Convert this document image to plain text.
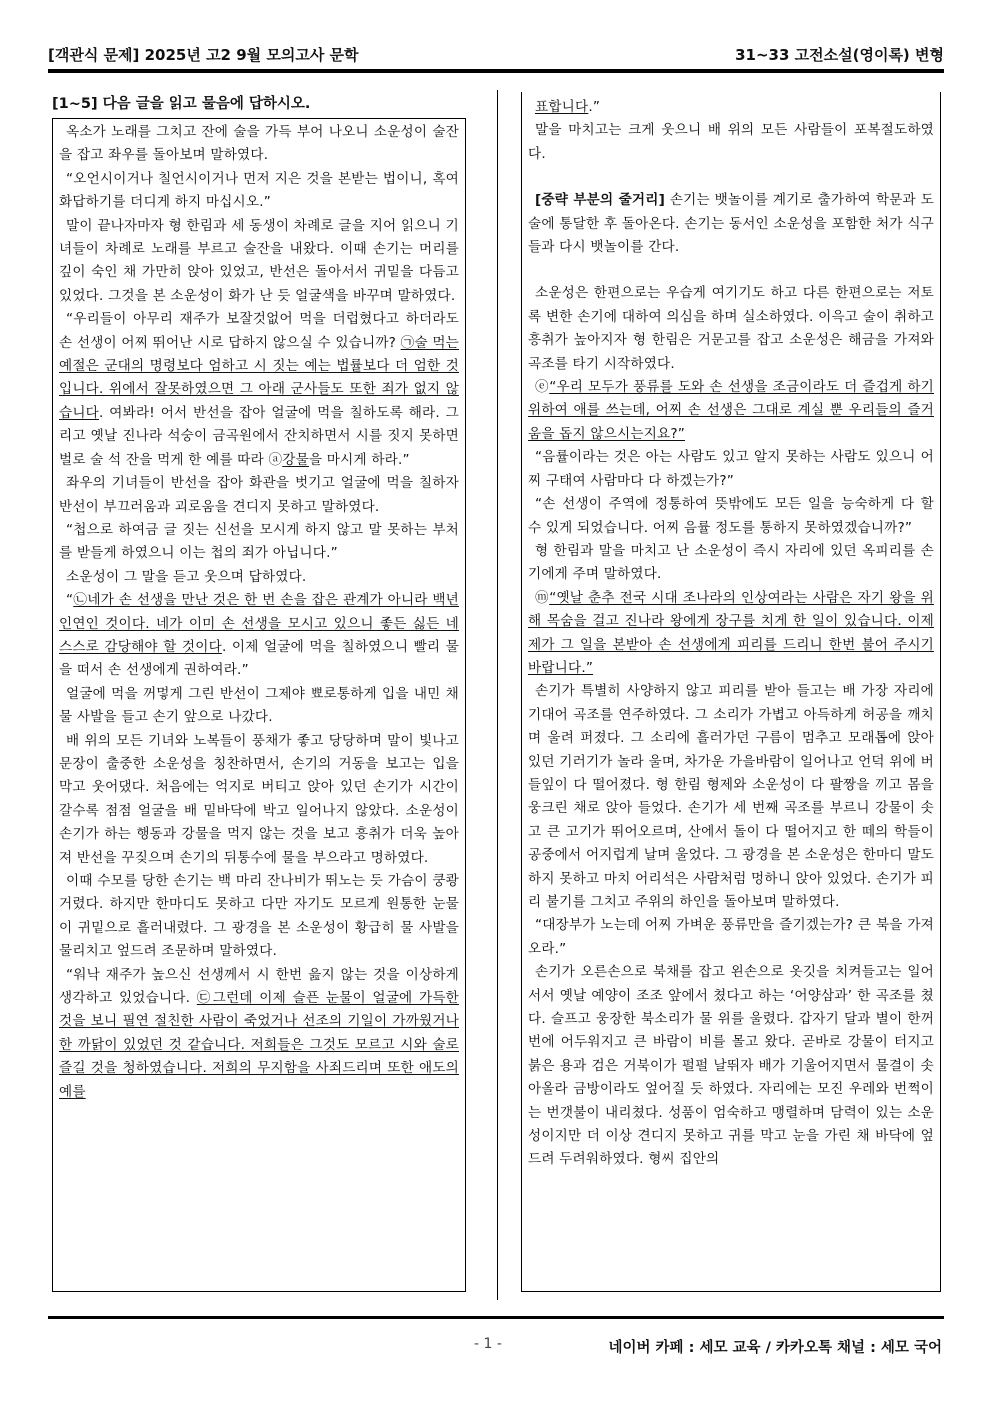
[객관식 문제] 2025년 고2 9월 모의고사 문학	31~33 고전소설(영이록) 변형
[1~5] 다음 글을 읽고 물음에 답하시오.

옥소가 노래를 그치고 잔에 술을 가득 부어 나오니 소운성이 술잔을 잡고 좌우를 돌아보며 말하였다.

“오언시이거나 칠언시이거나 먼저 지은 것을 본받는 법이니, 혹여 화답하기를 더디게 하지 마십시오.”

말이 끝나자마자 형 한림과 세 동생이 차례로 글을 지어 읽으니 기녀들이 차례로 노래를 부르고 술잔을 내왔다. 이때 손기는 머리를 깊이 숙인 채 가만히 앉아 있었고, 반선은 돌아서서 귀밑을 다듬고 있었다. 그것을 본 소운성이 화가 난 듯 얼굴색을 바꾸며 말하였다.

“우리들이 아무리 재주가 보잘것없어 먹을 더럽혔다고 하더라도 손 선생이 어찌 뛰어난 시로 답하지 않으실 수 있습니까? ㉠술 먹는 예절은 군대의 명령보다 엄하고 시 짓는 예는 법률보다 더 엄한 것입니다. 위에서 잘못하였으면 그 아래 군사들도 또한 죄가 없지 않습니다. 여봐라! 어서 반선을 잡아 얼굴에 먹을 칠하도록 해라. 그리고 옛날 진나라 석숭이 금곡원에서 잔치하면서 시를 짓지 못하면 벌로 술 석 잔을 먹게 한 예를 따라 ⓐ강물을 마시게 하라.”

좌우의 기녀들이 반선을 잡아 화관을 벗기고 얼굴에 먹을 칠하자 반선이 부끄러움과 괴로움을 견디지 못하고 말하였다.

“첩으로 하여금 글 짓는 신선을 모시게 하지 않고 말 못하는 부처를 받들게 하였으니 이는 첩의 죄가 아닙니다.”

소운성이 그 말을 듣고 웃으며 답하였다.

“㉡네가 손 선생을 만난 것은 한 번 손을 잡은 관계가 아니라 백년 인연인 것이다. 네가 이미 손 선생을 모시고 있으니 좋든 싫든 네 스스로 감당해야 할 것이다. 이제 얼굴에 먹을 칠하였으니 빨리 물을 떠서 손 선생에게 권하여라.”

얼굴에 먹을 꺼멓게 그린 반선이 그제야 뾰로통하게 입을 내민 채 물 사발을 들고 손기 앞으로 나갔다.

배 위의 모든 기녀와 노복들이 풍채가 좋고 당당하며 말이 빛나고 문장이 출중한 소운성을 칭찬하면서, 손기의 거동을 보고는 입을 막고 웃어댔다. 처음에는 억지로 버티고 앉아 있던 손기가 시간이 갈수록 점점 얼굴을 배 밑바닥에 박고 일어나지 않았다. 소운성이 손기가 하는 행동과 강물을 먹지 않는 것을 보고 흥취가 더욱 높아져 반선을 꾸짖으며 손기의 뒤통수에 물을 부으라고 명하였다.

이때 수모를 당한 손기는 백 마리 잔나비가 뛰노는 듯 가슴이 쿵쾅거렸다. 하지만 한마디도 못하고 다만 자기도 모르게 원통한 눈물이 귀밑으로 흘러내렸다. 그 광경을 본 소운성이 황급히 물 사발을 물리치고 엎드려 조문하며 말하였다.

“워낙 재주가 높으신 선생께서 시 한번 읊지 않는 것을 이상하게 생각하고 있었습니다. ㉢그런데 이제 슬픈 눈물이 얼굴에 가득한 것을 보니 필연 절친한 사람이 죽었거나 선조의 기일이 가까웠거나 한 까닭이 있었던 것 같습니다. 저희들은 그것도 모르고 시와 술로 즐길 것을 청하였습니다. 저희의 무지함을 사죄드리며 또한 애도의 예를

표합니다.”

말을 마치고는 크게 웃으니 배 위의 모든 사람들이 포복절도하였다.

[중략 부분의 줄거리] 손기는 뱃놀이를 계기로 출가하여 학문과 도술에 통달한 후 돌아온다. 손기는 동서인 소운성을 포함한 처가 식구들과 다시 뱃놀이를 간다.

소운성은 한편으로는 우습게 여기기도 하고 다른 한편으로는 저토록 변한 손기에 대하여 의심을 하며 실소하였다. 이윽고 술이 취하고 흥취가 높아지자 형 한림은 거문고를 잡고 소운성은 해금을 가져와 곡조를 타기 시작하였다.

ⓔ“우리 모두가 풍류를 도와 손 선생을 조금이라도 더 즐겁게 하기 위하여 애를 쓰는데, 어찌 손 선생은 그대로 계실 뿐 우리들의 즐거움을 돕지 않으시는지요?”

“음률이라는 것은 아는 사람도 있고 알지 못하는 사람도 있으니 어찌 구태여 사람마다 다 하겠는가?”

“손 선생이 주역에 정통하여 뜻밖에도 모든 일을 능숙하게 다 할 수 있게 되었습니다. 어찌 음률 정도를 통하지 못하였겠습니까?”

형 한림과 말을 마치고 난 소운성이 즉시 자리에 있던 옥피리를 손기에게 주며 말하였다.

ⓜ“옛날 춘추 전국 시대 조나라의 인상여라는 사람은 자기 왕을 위해 목숨을 걸고 진나라 왕에게 장구를 치게 한 일이 있습니다. 이제 제가 그 일을 본받아 손 선생에게 피리를 드리니 한번 불어 주시기 바랍니다.”

손기가 특별히 사양하지 않고 피리를 받아 들고는 배 가장 자리에 기대어 곡조를 연주하였다. 그 소리가 가볍고 아득하게 허공을 깨치며 울려 퍼졌다. 그 소리에 흘러가던 구름이 멈추고 모래톱에 앉아 있던 기러기가 놀라 울며, 차가운 가을바람이 일어나고 언덕 위에 버들잎이 다 떨어졌다. 형 한림 형제와 소운성이 다 팔짱을 끼고 몸을 웅크린 채로 앉아 들었다. 손기가 세 번째 곡조를 부르니 강물이 솟고 큰 고기가 뛰어오르며, 산에서 돌이 다 떨어지고 한 떼의 학들이 공중에서 어지럽게 날며 울었다. 그 광경을 본 소운성은 한마디 말도 하지 못하고 마치 어리석은 사람처럼 멍하니 앉아 있었다. 손기가 피리 불기를 그치고 주위의 하인을 돌아보며 말하였다.

“대장부가 노는데 어찌 가벼운 풍류만을 즐기겠는가? 큰 북을 가져오라.”

손기가 오른손으로 북채를 잡고 왼손으로 옷깃을 치켜들고는 일어서서 옛날 예양이 조조 앞에서 쳤다고 하는 ‘어양삼과’ 한 곡조를 쳤다. 슬프고 웅장한 북소리가 물 위를 울렸다. 갑자기 달과 별이 한꺼번에 어두워지고 큰 바람이 비를 몰고 왔다. 곧바로 강물이 터지고 붉은 용과 검은 거북이가 펄펄 날뛰자 배가 기울어지면서 물결이 솟아올라 금방이라도 엎어질 듯 하였다. 자리에는 모진 우레와 번쩍이는 번갯불이 내리쳤다. 성품이 엄숙하고 맹렬하며 담력이 있는 소운성이지만 더 이상 견디지 못하고 귀를 막고 눈을 가린 채 바닥에 엎드려 두려워하였다. 형씨 집안의

- 1 -	네이버 카페 : 세모 교육 / 카카오톡 채널 : 세모 국어
